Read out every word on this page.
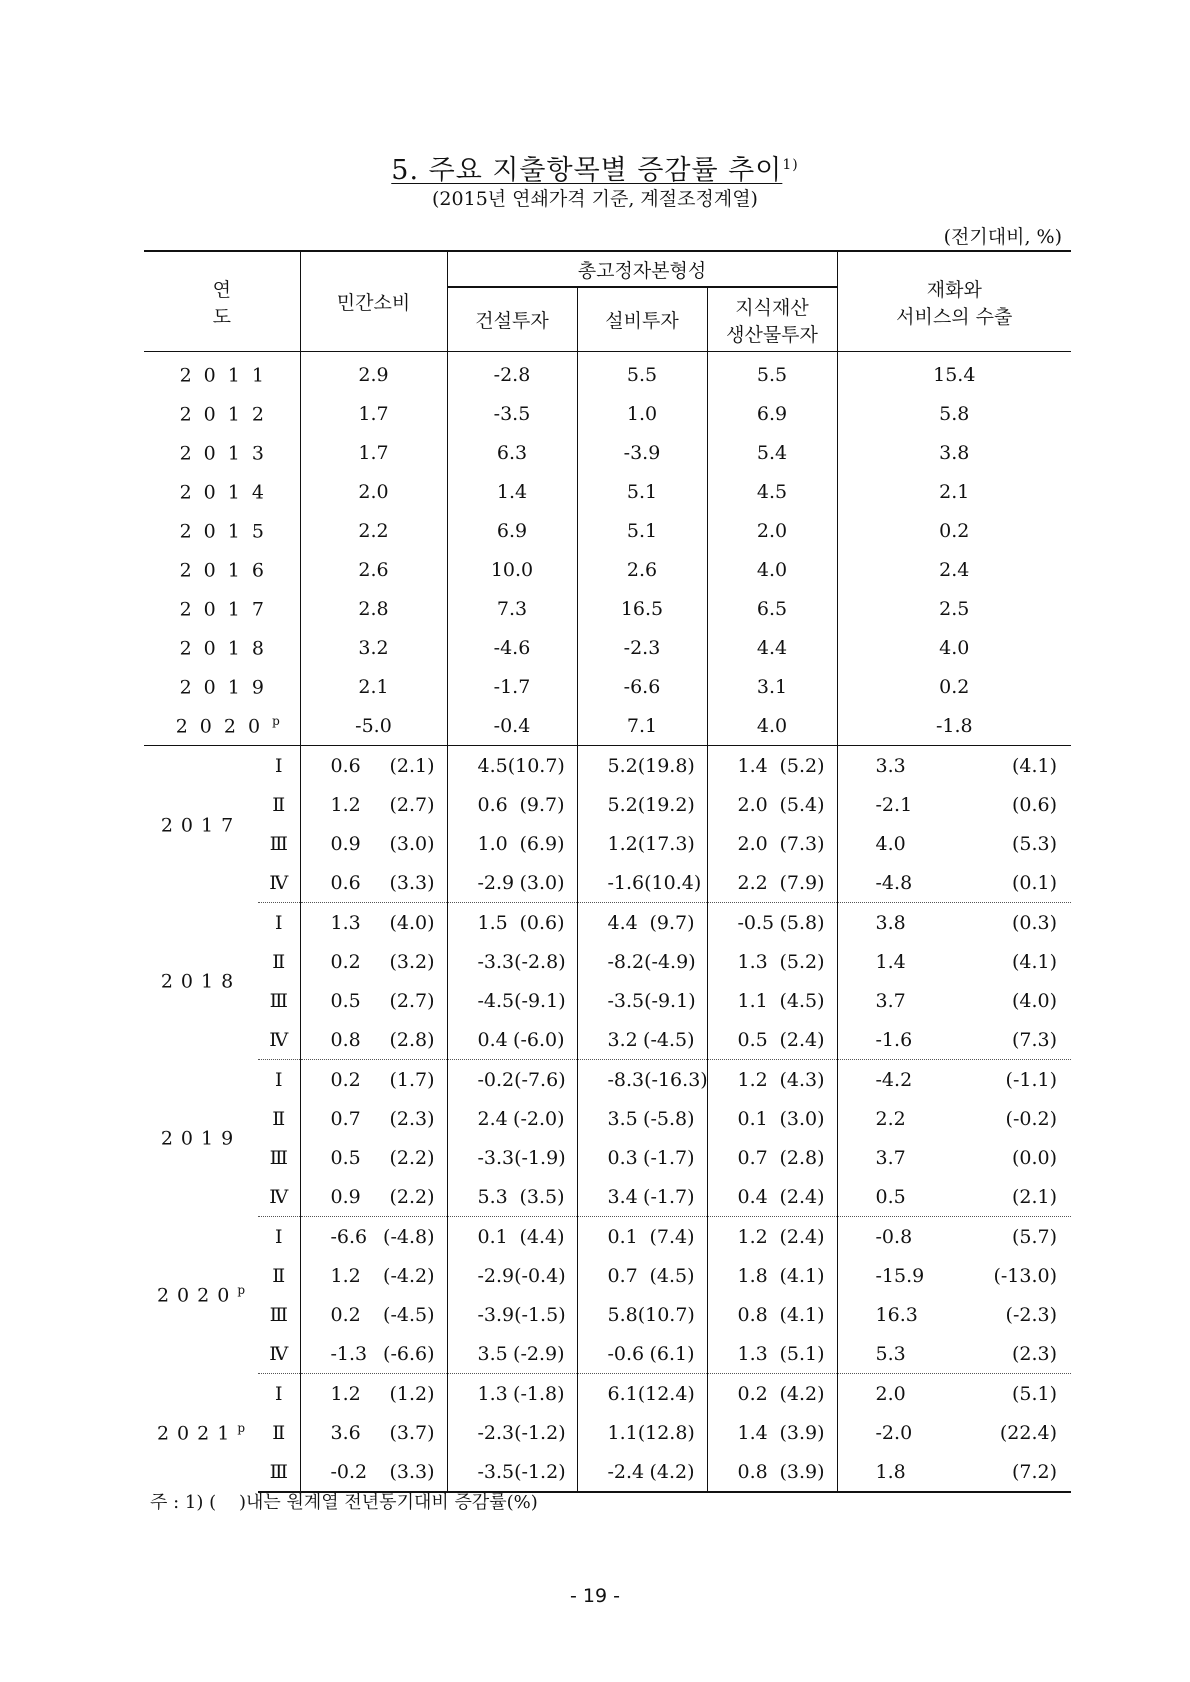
5. 주요 지출항목별 증감률 추이$^{1)}$
(2015년 연쇄가격 기준, 계절조정계열)
(전기대비, %)
연 도		민간소비	총고정자본형성			재화와
서비스의 수출

			건설투자	설비투자	지식재산
생산물투자	

2011		2.9	-2.8	5.5	5.5	15.4
2012		1.7	-3.5	1.0	6.9	5.8
2013		1.7	6.3	-3.9	5.4	3.8
2014		2.0	1.4	5.1	4.5	2.1
2015		2.2	6.9	5.1	2.0	0.2
2016		2.6	10.0	2.6	4.0	2.4
2017		2.8	7.3	16.5	6.5	2.5
2018		3.2	-4.6	-2.3	4.4	4.0
2019		2.1	-1.7	-6.6	3.1	0.2
2020$^p$		-5.0	-0.4	7.1	4.0	-1.8
2017	Ⅰ	0.6 (2.1)	4.5 (10.7)	5.2 (19.8)	1.4 (5.2)	3.3 (4.1)

	Ⅱ	1.2 (2.7)	0.6 (9.7)	5.2 (19.2)	2.0 (5.4)	-2.1 (0.6)

	Ⅲ	0.9 (3.0)	1.0 (6.9)	1.2 (17.3)	2.0 (7.3)	4.0 (5.3)

	Ⅳ	0.6 (3.3)	-2.9 (3.0)	-1.6 (10.4)	2.2 (7.9)	-4.8 (0.1)

2018	Ⅰ	1.3 (4.0)	1.5 (0.6)	4.4 (9.7)	-0.5 (5.8)	3.8 (0.3)

	Ⅱ	0.2 (3.2)	-3.3 (-2.8)	-8.2 (-4.9)	1.3 (5.2)	1.4 (4.1)

	Ⅲ	0.5 (2.7)	-4.5 (-9.1)	-3.5 (-9.1)	1.1 (4.5)	3.7 (4.0)

	Ⅳ	0.8 (2.8)	0.4 (-6.0)	3.2 (-4.5)	0.5 (2.4)	-1.6 (7.3)

2019	Ⅰ	0.2 (1.7)	-0.2 (-7.6)	-8.3 (-16.3)	1.2 (4.3)	-4.2 (-1.1)

	Ⅱ	0.7 (2.3)	2.4 (-2.0)	3.5 (-5.8)	0.1 (3.0)	2.2 (-0.2)

	Ⅲ	0.5 (2.2)	-3.3 (-1.9)	0.3 (-1.7)	0.7 (2.8)	3.7 (0.0)

	Ⅳ	0.9 (2.2)	5.3 (3.5)	3.4 (-1.7)	0.4 (2.4)	0.5 (2.1)

2020$^p$	Ⅰ	-6.6 (-4.8)	0.1 (4.4)	0.1 (7.4)	1.2 (2.4)	-0.8 (5.7)

	Ⅱ	1.2 (-4.2)	-2.9 (-0.4)	0.7 (4.5)	1.8 (4.1)	-15.9 (-13.0)

	Ⅲ	0.2 (-4.5)	-3.9 (-1.5)	5.8 (10.7)	0.8 (4.1)	16.3 (-2.3)

	Ⅳ	-1.3 (-6.6)	3.5 (-2.9)	-0.6 (6.1)	1.3 (5.1)	5.3 (2.3)

2021$^p$	Ⅰ	1.2 (1.2)	1.3 (-1.8)	6.1 (12.4)	0.2 (4.2)	2.0 (5.1)

	Ⅱ	3.6 (3.7)	-2.3 (-1.2)	1.1 (12.8)	1.4 (3.9)	-2.0 (22.4)

	Ⅲ	-0.2 (3.3)	-3.5 (-1.2)	-2.4 (4.2)	0.8 (3.9)	1.8 (7.2)
주 : 1) (    )내는 원계열 전년동기대비 증감률(%)
- 19 -
